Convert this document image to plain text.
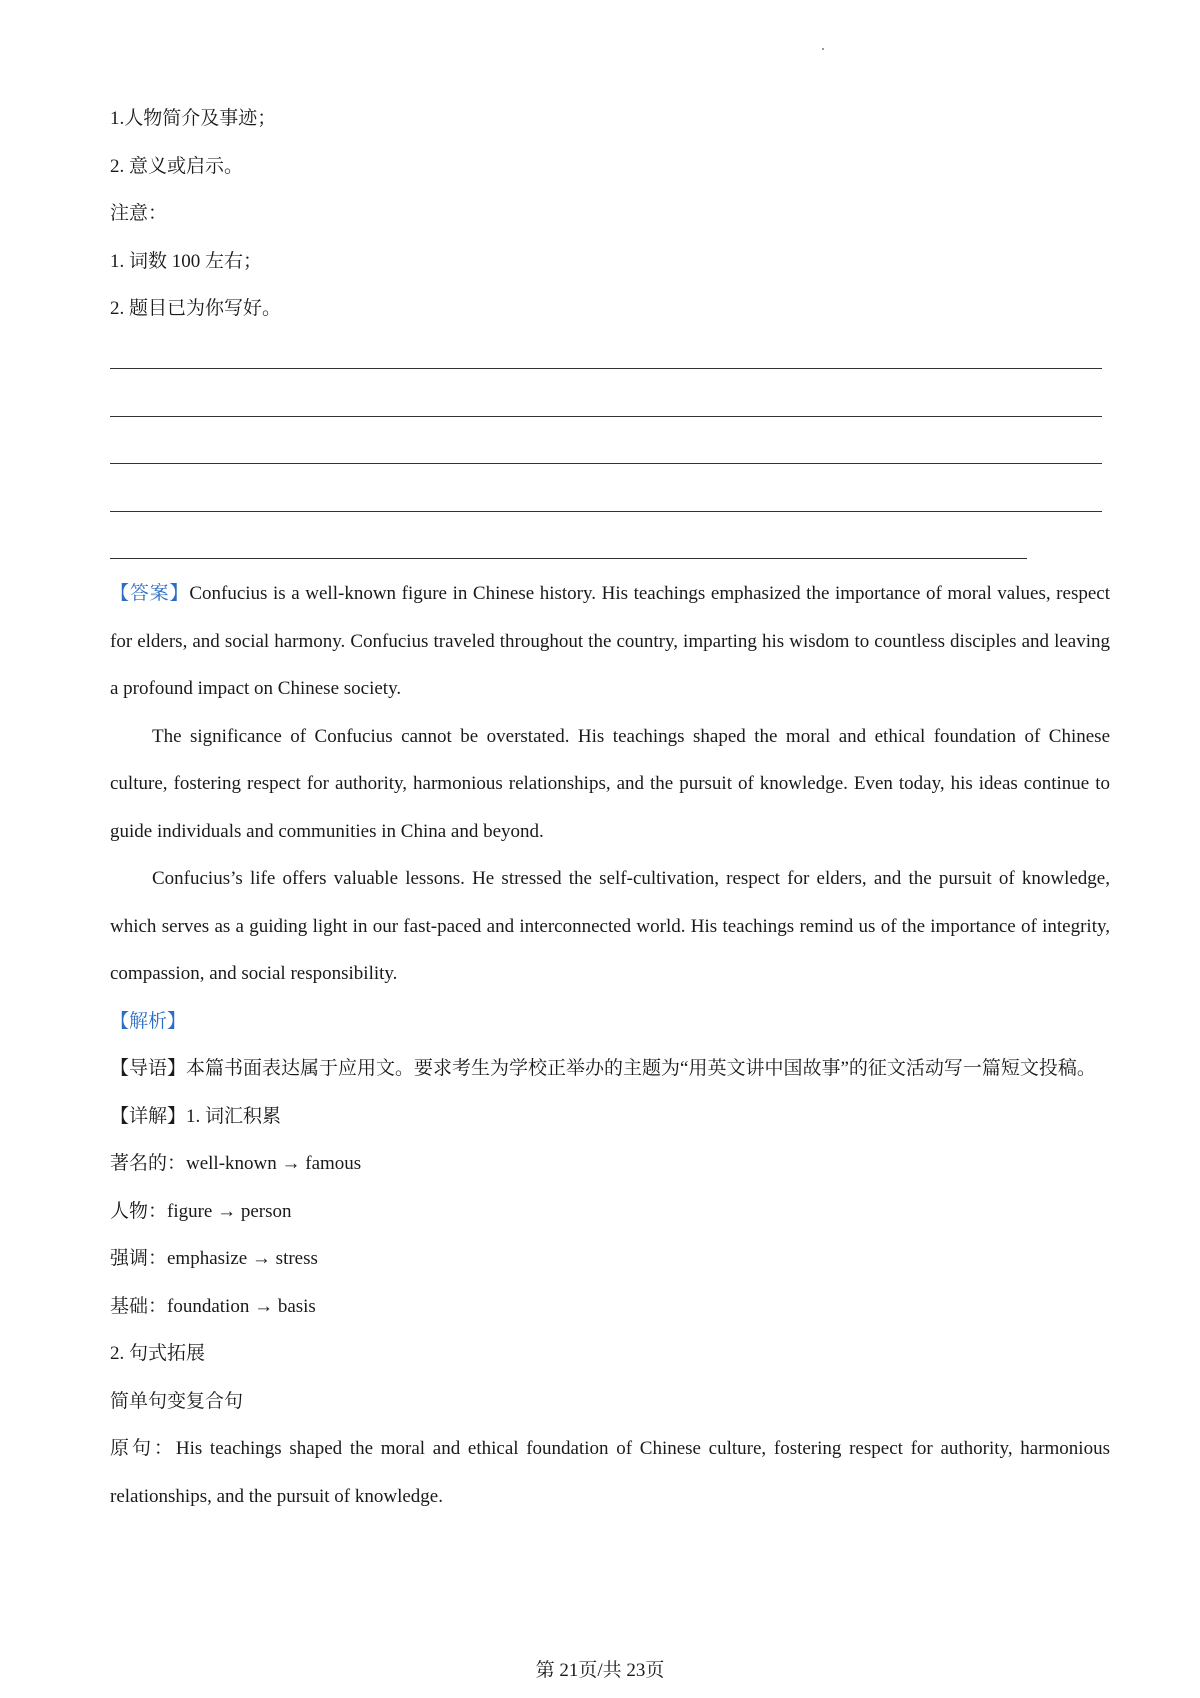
1.人物简介及事迹；
2. 意义或启示。
注意：
1. 词数 100 左右；
2. 题目已为你写好。
【答案】Confucius is a well-known figure in Chinese history. His teachings emphasized the importance of moral values, respect for elders, and social harmony. Confucius traveled throughout the country, imparting his wisdom to countless disciples and leaving a profound impact on Chinese society.
The significance of Confucius cannot be overstated. His teachings shaped the moral and ethical foundation of Chinese culture, fostering respect for authority, harmonious relationships, and the pursuit of knowledge. Even today, his ideas continue to guide individuals and communities in China and beyond.
Confucius’s life offers valuable lessons. He stressed the self-cultivation, respect for elders, and the pursuit of knowledge, which serves as a guiding light in our fast-paced and interconnected world. His teachings remind us of the importance of integrity, compassion, and social responsibility.
【解析】
【导语】本篇书面表达属于应用文。要求考生为学校正举办的主题为“用英文讲中国故事”的征文活动写一篇短文投稿。
【详解】1. 词汇积累
著名的：well-known → famous
人物：figure → person
强调：emphasize → stress
基础：foundation → basis
2. 句式拓展
简单句变复合句
原句：His teachings shaped the moral and ethical foundation of Chinese culture, fostering respect for authority, harmonious relationships, and the pursuit of knowledge.
第 21页/共 23页
